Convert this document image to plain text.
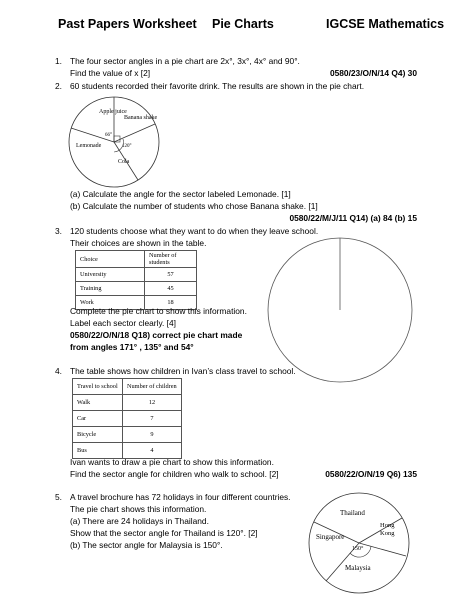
Past Papers Worksheet Pie Charts	IGCSE Mathematics
1. The four sector angles in a pie chart are 2x°, 3x°, 4x° and 90°.
Find the value of x [2]	0580/23/O/N/14 Q4) 30
2. 60 students recorded their favorite drink. The results are shown in the pie chart.
Apple juice
Banana shake
Lemonade
Cola
66°
120°
(a) Calculate the angle for the sector labeled Lemonade. [1]
(b) Calculate the number of students who chose Banana shake. [1]
0580/22/M/J/11 Q14) (a) 84 (b) 15
3. 120 students choose what they want to do when they leave school.
Their choices are shown in the table.
Choice	Number of students
University	57
Training	45
Work	18
Complete the pie chart to show this information.
Label each sector clearly. [4]
0580/22/O/N/18 Q18) correct pie chart made
from angles 171° , 135° and 54°
4. The table shows how children in Ivan’s class travel to school.
Travel to school	Number of children
Walk	12
Car	7
Bicycle	9
Bus	4
Ivan wants to draw a pie chart to show this information.
Find the sector angle for children who walk to school. [2]	0580/22/O/N/19 Q6) 135
5. A travel brochure has 72 holidays in four different countries.
The pie chart shows this information.
(a) There are 24 holidays in Thailand.
Show that the sector angle for Thailand is 120°. [2]
(b) The sector angle for Malaysia is 150°.
Thailand
Hong
Kong
Singapore
Malaysia
150°
